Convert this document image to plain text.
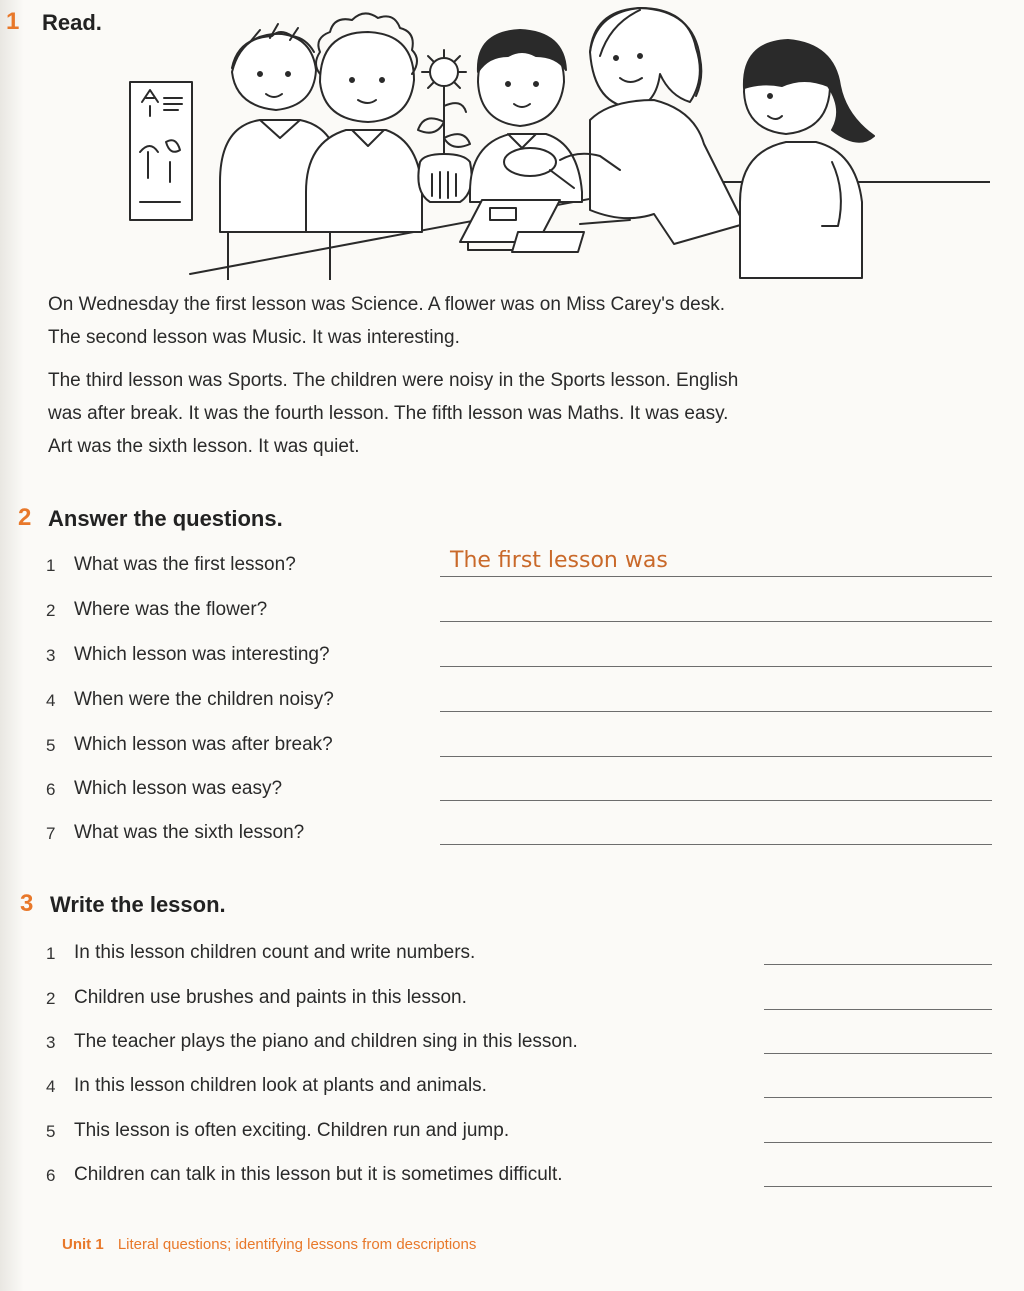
1 Read.
On Wednesday the first lesson was Science. A flower was on Miss Carey's desk.
The second lesson was Music. It was interesting.
The third lesson was Sports. The children were noisy in the Sports lesson. English
was after break. It was the fourth lesson. The fifth lesson was Maths. It was easy.
Art was the sixth lesson. It was quiet.
2 Answer the questions.
1 What was the first lesson?	The first lesson was
2 Where was the flower?
3 Which lesson was interesting?
4 When were the children noisy?
5 Which lesson was after break?
6 Which lesson was easy?
7 What was the sixth lesson?
3 Write the lesson.
1 In this lesson children count and write numbers.
2 Children use brushes and paints in this lesson.
3 The teacher plays the piano and children sing in this lesson.
4 In this lesson children look at plants and animals.
5 This lesson is often exciting. Children run and jump.
6 Children can talk in this lesson but it is sometimes difficult.
Unit 1 Literal questions; identifying lessons from descriptions
